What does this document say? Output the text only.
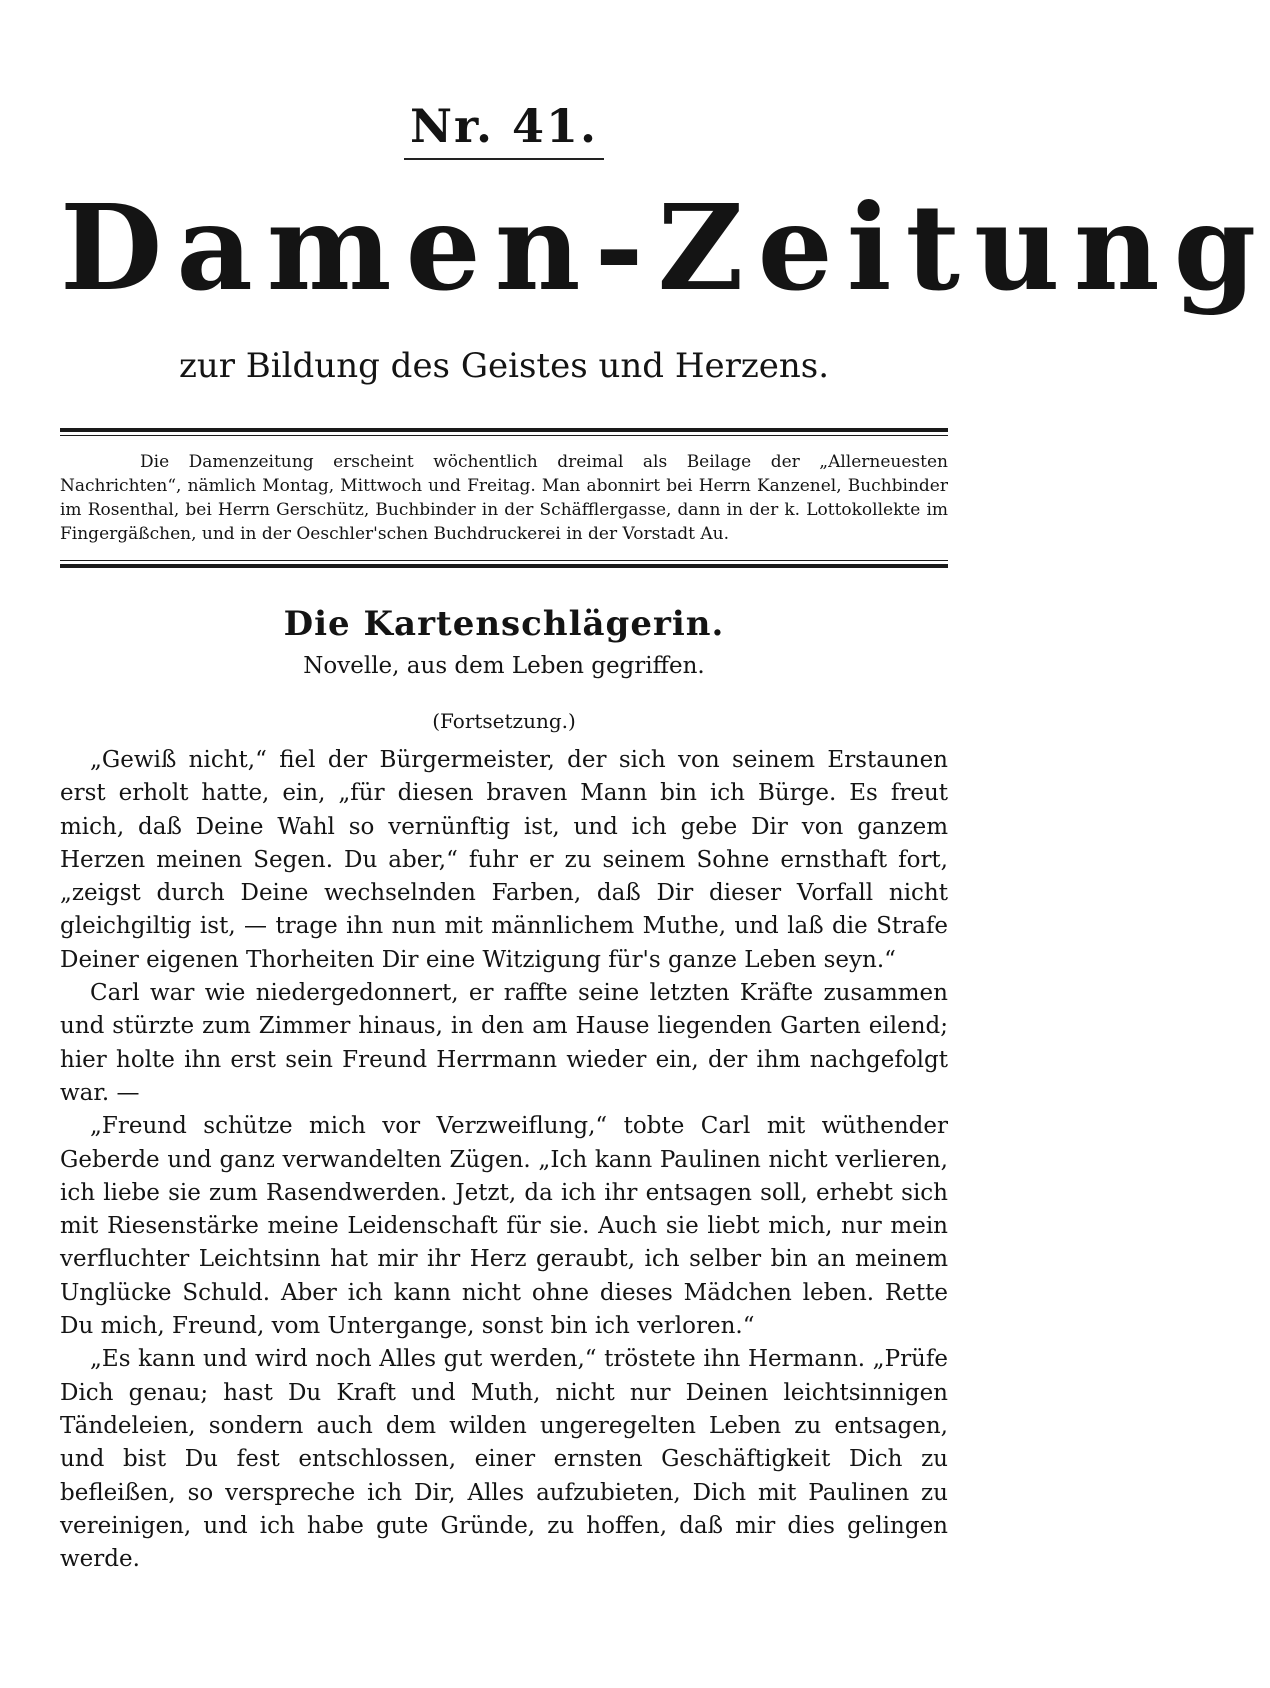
Nr. 41.
Damen-Zeitung
zur Bildung des Geistes und Herzens.

Die Damenzeitung erscheint wöchentlich dreimal als Beilage der „Allerneuesten Nachrichten“, nämlich Montag, Mittwoch und Freitag. Man abonnirt bei Herrn Kanzenel, Buchbinder im Rosenthal, bei Herrn Gerschütz, Buchbinder in der Schäfflergasse, dann in der k. Lottokollekte im Fingergäßchen, und in der Oeschler'schen Buchdruckerei in der Vorstadt Au.

Die Kartenschlägerin.
Novelle, aus dem Leben gegriffen.
(Fortsetzung.)

„Gewiß nicht,“ fiel der Bürgermeister, der sich von seinem Erstaunen erst erholt hatte, ein, „für diesen braven Mann bin ich Bürge. Es freut mich, daß Deine Wahl so vernünftig ist, und ich gebe Dir von ganzem Herzen meinen Segen. Du aber,“ fuhr er zu seinem Sohne ernsthaft fort, „zeigst durch Deine wechselnden Farben, daß Dir dieser Vorfall nicht gleichgiltig ist, — trage ihn nun mit männlichem Muthe, und laß die Strafe Deiner eigenen Thorheiten Dir eine Witzigung für's ganze Leben seyn.“

Carl war wie niedergedonnert, er raffte seine letzten Kräfte zusammen und stürzte zum Zimmer hinaus, in den am Hause liegenden Garten eilend; hier holte ihn erst sein Freund Herrmann wieder ein, der ihm nachgefolgt war. —

„Freund schütze mich vor Verzweiflung,“ tobte Carl mit wüthender Geberde und ganz verwandelten Zügen. „Ich kann Paulinen nicht verlieren, ich liebe sie zum Rasendwerden. Jetzt, da ich ihr entsagen soll, erhebt sich mit Riesenstärke meine Leidenschaft für sie. Auch sie liebt mich, nur mein verfluchter Leichtsinn hat mir ihr Herz geraubt, ich selber bin an meinem Unglücke Schuld. Aber ich kann nicht ohne dieses Mädchen leben. Rette Du mich, Freund, vom Untergange, sonst bin ich verloren.“

„Es kann und wird noch Alles gut werden,“ tröstete ihn Hermann. „Prüfe Dich genau; hast Du Kraft und Muth, nicht nur Deinen leichtsinnigen Tändeleien, sondern auch dem wilden ungeregelten Leben zu entsagen, und bist Du fest entschlossen, einer ernsten Geschäftigkeit Dich zu befleißen, so verspreche ich Dir, Alles aufzubieten, Dich mit Paulinen zu vereinigen, und ich habe gute Gründe, zu hoffen, daß mir dies gelingen werde.
